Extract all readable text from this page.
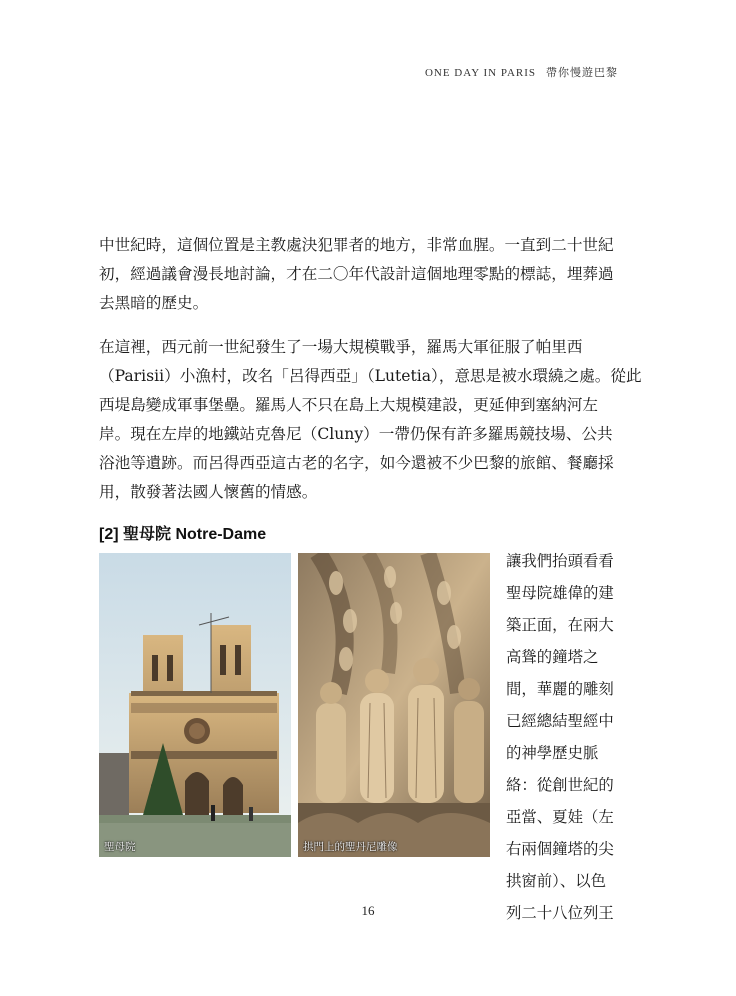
ONE DAY IN PARIS 帶你慢遊巴黎

中世紀時，這個位置是主教處決犯罪者的地方，非常血腥。一直到二十世紀
初，經過議會漫長地討論，才在二〇年代設計這個地理零點的標誌，埋葬過
去黑暗的歷史。

在這裡，西元前一世紀發生了一場大規模戰爭，羅馬大軍征服了帕里西
（Parisii）小漁村，改名「呂得西亞」（Lutetia），意思是被水環繞之處。從此
西堤島變成軍事堡壘。羅馬人不只在島上大規模建設，更延伸到塞納河左
岸。現在左岸的地鐵站克魯尼（Cluny）一帶仍保有許多羅馬競技場、公共
浴池等遺跡。而呂得西亞這古老的名字，如今還被不少巴黎的旅館、餐廳採
用，散發著法國人懷舊的情感。

[2] 聖母院 Notre-Dame
聖母院	拱門上的聖丹尼雕像
讓我們抬頭看看
聖母院雄偉的建
築正面，在兩大
高聳的鐘塔之
間，華麗的雕刻
已經總結聖經中
的神學歷史脈
絡：從創世紀的
亞當、夏娃（左
右兩個鐘塔的尖
拱窗前）、以色
列二十八位列王
16
